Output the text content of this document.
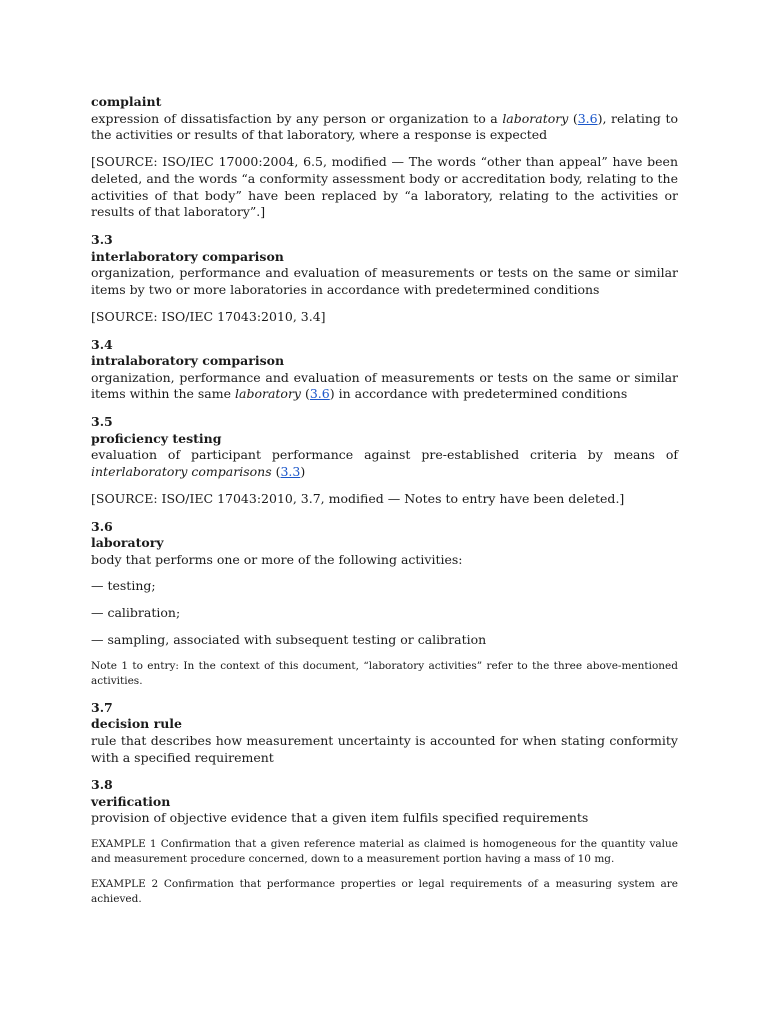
complaint

expression of dissatisfaction by any person or organization to a laboratory (3.6), relating to the activities or results of that laboratory, where a response is expected

[SOURCE: ISO/IEC 17000:2004, 6.5, modified — The words “other than appeal” have been deleted, and the words “a conformity assessment body or accreditation body, relating to the activities of that body” have been replaced by “a laboratory, relating to the activities or results of that laboratory”.]

3.3
interlaboratory comparison

organization, performance and evaluation of measurements or tests on the same or similar items by two or more laboratories in accordance with predetermined conditions

[SOURCE: ISO/IEC 17043:2010, 3.4]

3.4
intralaboratory comparison

organization, performance and evaluation of measurements or tests on the same or similar items within the same laboratory (3.6) in accordance with predetermined conditions

3.5
proficiency testing

evaluation of participant performance against pre-established criteria by means of interlaboratory comparisons (3.3)

[SOURCE: ISO/IEC 17043:2010, 3.7, modified — Notes to entry have been deleted.]

3.6
laboratory

body that performs one or more of the following activities:

— testing;

— calibration;

— sampling, associated with subsequent testing or calibration

Note 1 to entry: In the context of this document, “laboratory activities” refer to the three above-mentioned activities.

3.7
decision rule

rule that describes how measurement uncertainty is accounted for when stating conformity with a specified requirement

3.8
verification

provision of objective evidence that a given item fulfils specified requirements

EXAMPLE 1 Confirmation that a given reference material as claimed is homogeneous for the quantity value and measurement procedure concerned, down to a measurement portion having a mass of 10 mg.

EXAMPLE 2 Confirmation that performance properties or legal requirements of a measuring system are achieved.
